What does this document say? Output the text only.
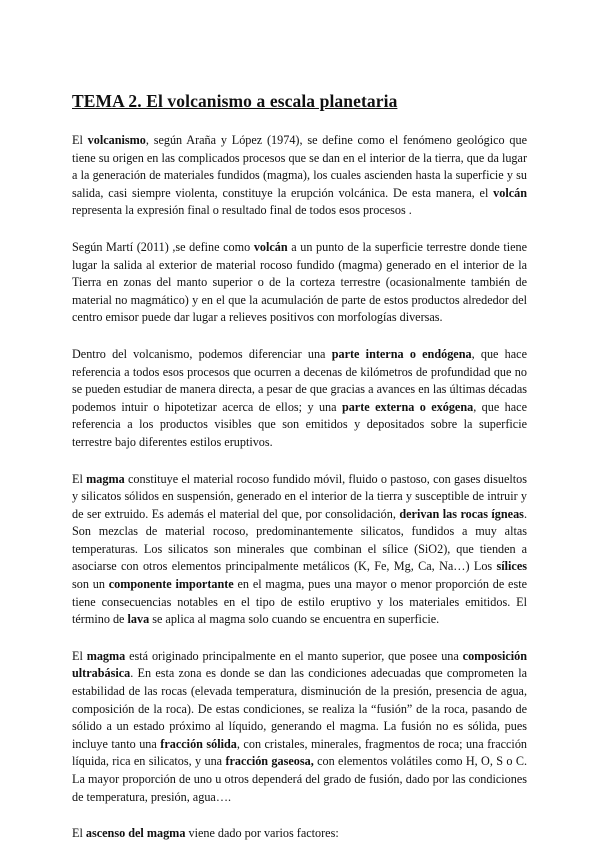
TEMA 2. El volcanismo a escala planetaria

El volcanismo, según Araña y López (1974), se define como el fenómeno geológico que tiene su origen en las complicados procesos que se dan en el interior de la tierra, que da lugar a la generación de materiales fundidos (magma), los cuales ascienden hasta la superficie y su salida, casi siempre violenta, constituye la erupción volcánica. De esta manera, el volcán representa la expresión final o resultado final de todos esos procesos .

Según Martí (2011) ,se define como volcán a un punto de la superficie terrestre donde tiene lugar la salida al exterior de material rocoso fundido (magma) generado en el interior de la Tierra en zonas del manto superior o de la corteza terrestre (ocasionalmente también de material no magmático) y en el que la acumulación de parte de estos productos alrededor del centro emisor puede dar lugar a relieves positivos con morfologías diversas.

Dentro del volcanismo, podemos diferenciar una parte interna o endógena, que hace referencia a todos esos procesos que ocurren a decenas de kilómetros de profundidad que no se pueden estudiar de manera directa, a pesar de que gracias a avances en las últimas décadas podemos intuir o hipotetizar acerca de ellos; y una parte externa o exógena, que hace referencia a los productos visibles que son emitidos y depositados sobre la superficie terrestre bajo diferentes estilos eruptivos.

El magma constituye el material rocoso fundido móvil, fluido o pastoso, con gases disueltos y silicatos sólidos en suspensión, generado en el interior de la tierra y susceptible de intruir y de ser extruido. Es además el material del que, por consolidación, derivan las rocas ígneas. Son mezclas de material rocoso, predominantemente silicatos, fundidos a muy altas temperaturas. Los silicatos son minerales que combinan el sílice (SiO2), que tienden a asociarse con otros elementos principalmente metálicos (K, Fe, Mg, Ca, Na…) Los sílices son un componente importante en el magma, pues una mayor o menor proporción de este tiene consecuencias notables en el tipo de estilo eruptivo y los materiales emitidos. El término de lava se aplica al magma solo cuando se encuentra en superficie.

El magma está originado principalmente en el manto superior, que posee una composición ultrabásica. En esta zona es donde se dan las condiciones adecuadas que comprometen la estabilidad de las rocas (elevada temperatura, disminución de la presión, presencia de agua, composición de la roca). De estas condiciones, se realiza la “fusión” de la roca, pasando de sólido a un estado próximo al líquido, generando el magma. La fusión no es sólida, pues incluye tanto una fracción sólida, con cristales, minerales, fragmentos de roca; una fracción líquida, rica en silicatos, y una fracción gaseosa, con elementos volátiles como H, O, S o C. La mayor proporción de uno u otros dependerá del grado de fusión, dado por las condiciones de temperatura, presión, agua….

El ascenso del magma viene dado por varios factores:
